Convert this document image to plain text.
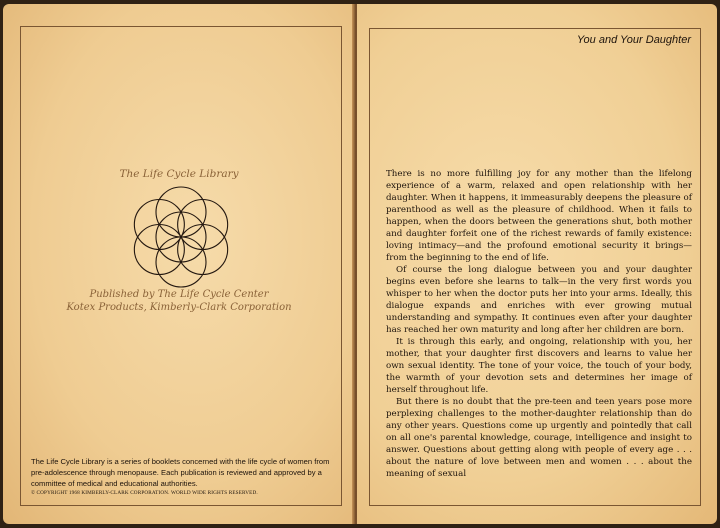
The Life Cycle Library
Published by The Life Cycle Center
Kotex Products, Kimberly-Clark Corporation
The Life Cycle Library is a series of booklets concerned with the life cycle of women from pre-adolescence through menopause. Each publication is reviewed and approved by a committee of medical and educational authorities.
© COPYRIGHT 1968 KIMBERLY-CLARK CORPORATION. WORLD WIDE RIGHTS RESERVED.
You and Your Daughter

There is no more fulfilling joy for any mother than the lifelong experience of a warm, relaxed and open relationship with her daughter. When it happens, it immeasurably deepens the pleasure of parenthood as well as the pleasure of childhood. When it fails to happen, when the doors between the generations shut, both mother and daughter forfeit one of the richest rewards of family existence: loving intimacy—and the profound emotional security it brings—from the beginning to the end of life.

Of course the long dialogue between you and your daughter begins even before she learns to talk—in the very first words you whisper to her when the doctor puts her into your arms. Ideally, this dialogue expands and enriches with ever growing mutual understanding and sympathy. It continues even after your daughter has reached her own maturity and long after her children are born.

It is through this early, and ongoing, relationship with you, her mother, that your daughter first discovers and learns to value her own sexual identity. The tone of your voice, the touch of your body, the warmth of your devotion sets and determines her image of herself throughout life.

But there is no doubt that the pre-teen and teen years pose more perplexing challenges to the mother-daughter relationship than do any other years. Questions come up urgently and pointedly that call on all one's parental knowledge, courage, intelligence and insight to answer. Questions about getting along with people of every age . . . about the nature of love between men and women . . . about the meaning of sexual
